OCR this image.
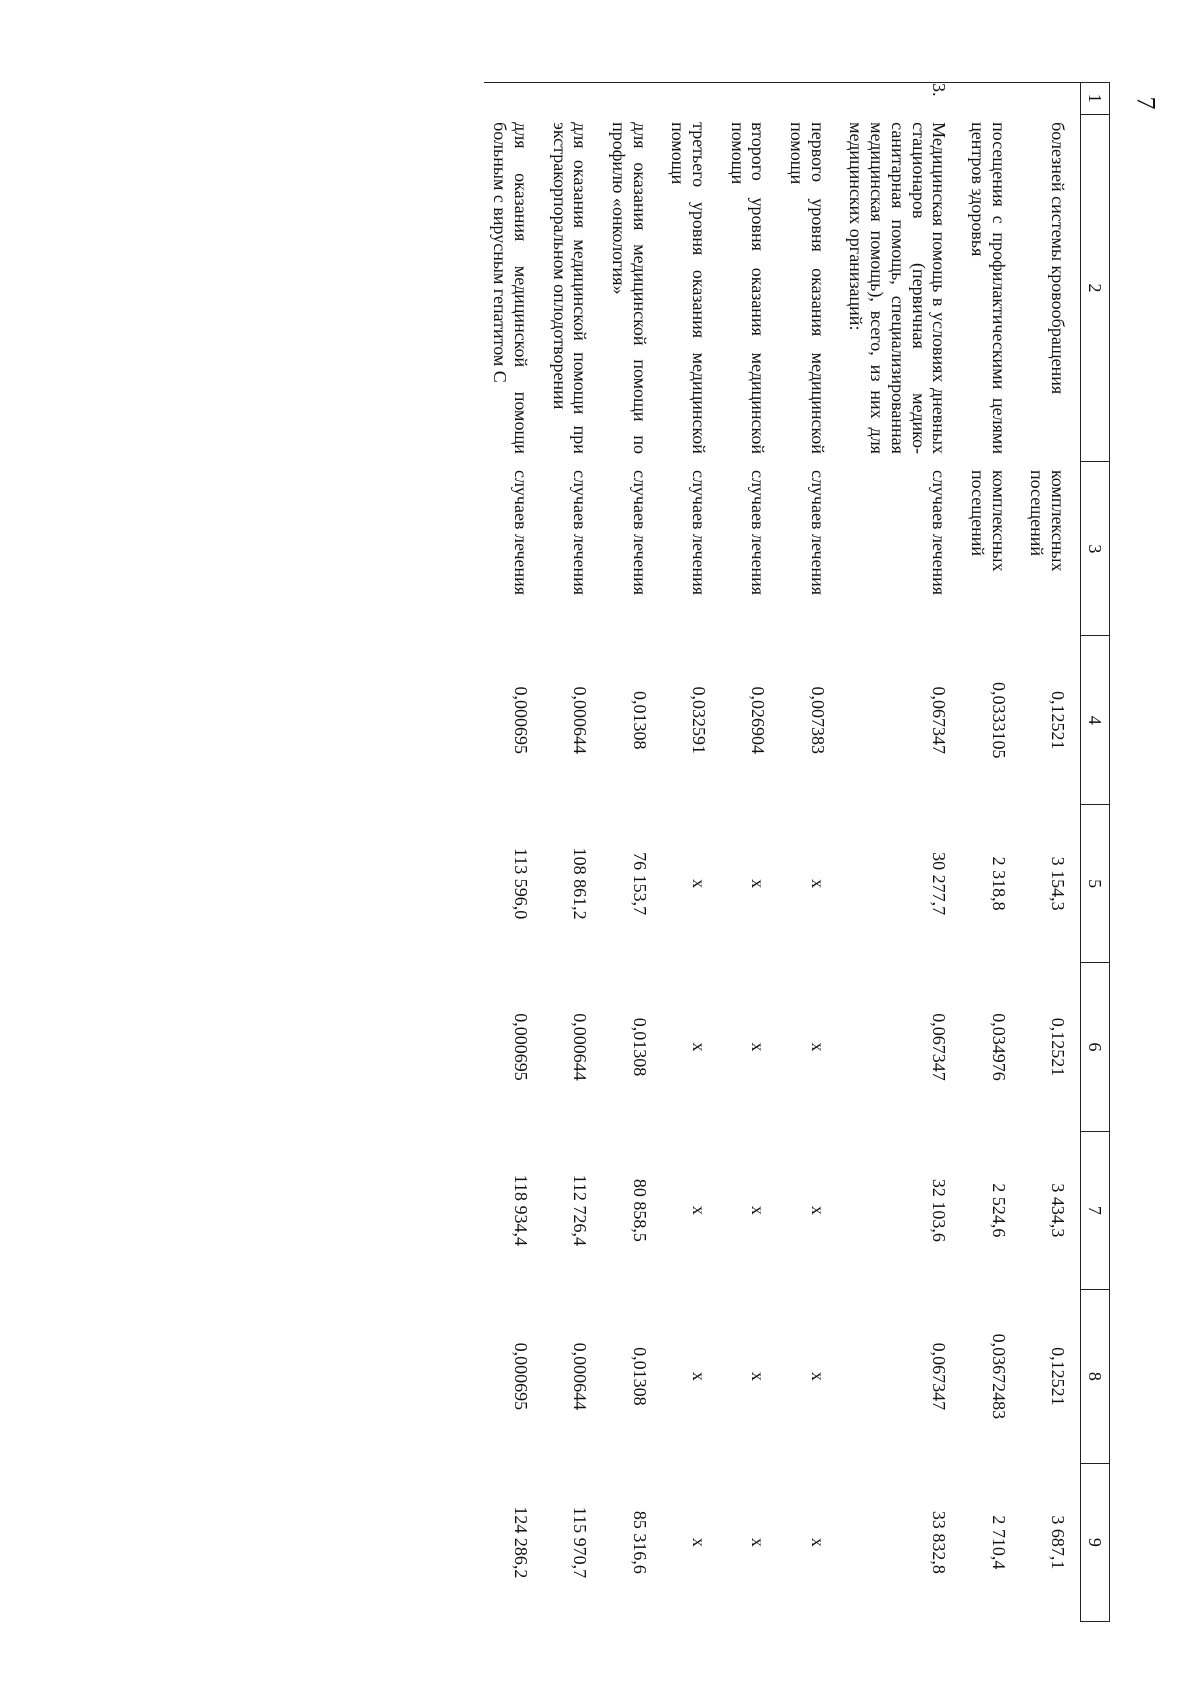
7
1	2	3	4	5	6	7	8	9
	болезней системы кровообращения	комплексных посещений	0,12521	3 154,3	0,12521	3 434,3	0,12521	3 687,1
	посещения с профилактическими целями центров здоровья	комплексных посещений	0,0333105	2 318,8	0,034976	2 524,6	0,03672483	2 710,4
3.	Медицинская помощь в условиях дневных стационаров (первичная медико-санитарная помощь, специализированная медицинская помощь), всего, из них для медицинских организаций:	случаев лечения	0,067347	30 277,7	0,067347	32 103,6	0,067347	33 832,8
	первого уровня оказания медицинской помощи	случаев лечения	0,007383	x	x	x	x	x
	второго уровня оказания медицинской помощи	случаев лечения	0,026904	x	x	x	x	x
	третьего уровня оказания медицинской помощи	случаев лечения	0,032591	x	x	x	x	x
	для оказания медицинской помощи по профилю «онкология»	случаев лечения	0,01308	76 153,7	0,01308	80 858,5	0,01308	85 316,6
	для оказания медицинской помощи при экстракорпоральном оплодотворении	случаев лечения	0,000644	108 861,2	0,000644	112 726,4	0,000644	115 970,7
	для оказания медицинской помощи больным с вирусным гепатитом С	случаев лечения	0,000695	113 596,0	0,000695	118 934,4	0,000695	124 286,2
